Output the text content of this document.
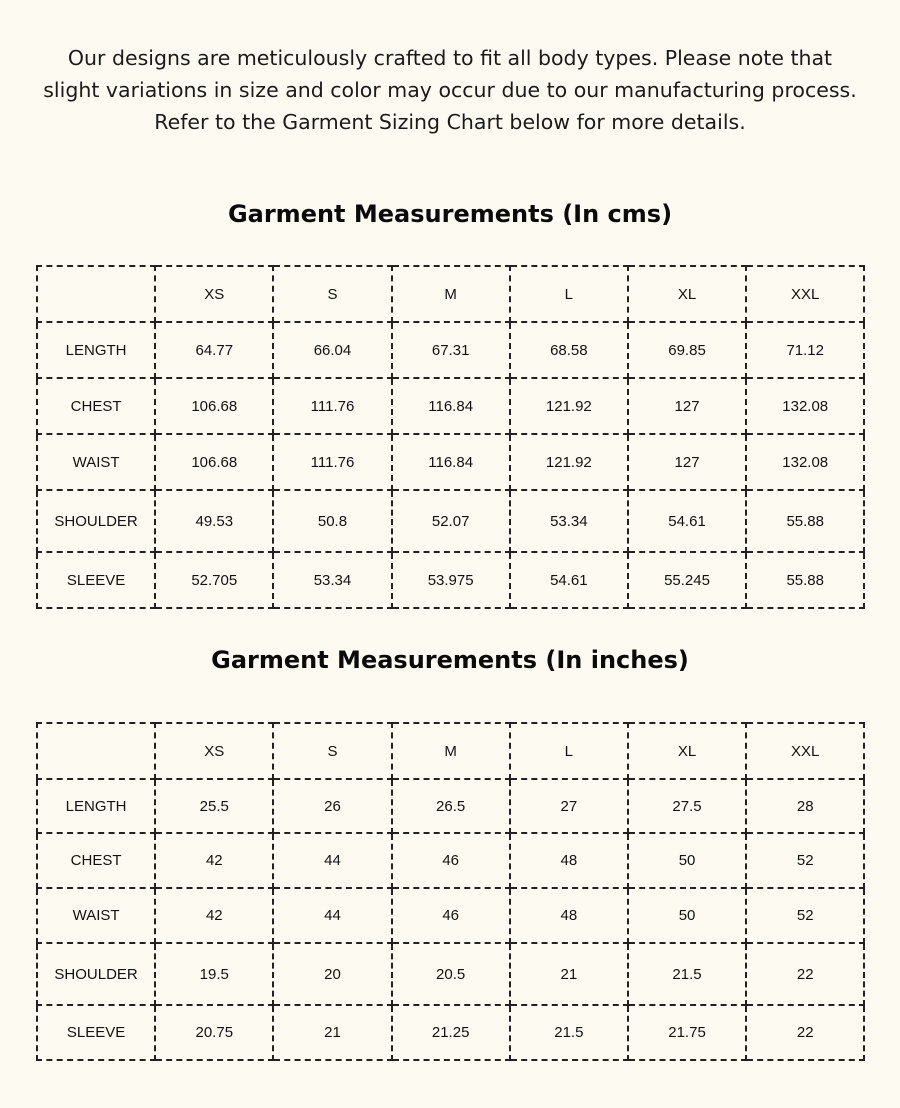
Our designs are meticulously crafted to fit all body types. Please note that slight variations in size and color may occur due to our manufacturing process. Refer to the Garment Sizing Chart below for more details.

Garment Measurements (In cms)
	XS	S	M	L	XL	XXL
LENGTH	64.77	66.04	67.31	68.58	69.85	71.12
CHEST	106.68	111.76	116.84	121.92	127	132.08
WAIST	106.68	111.76	116.84	121.92	127	132.08
SHOULDER	49.53	50.8	52.07	53.34	54.61	55.88
SLEEVE	52.705	53.34	53.975	54.61	55.245	55.88
Garment Measurements (In inches)
	XS	S	M	L	XL	XXL
LENGTH	25.5	26	26.5	27	27.5	28
CHEST	42	44	46	48	50	52
WAIST	42	44	46	48	50	52
SHOULDER	19.5	20	20.5	21	21.5	22
SLEEVE	20.75	21	21.25	21.5	21.75	22
